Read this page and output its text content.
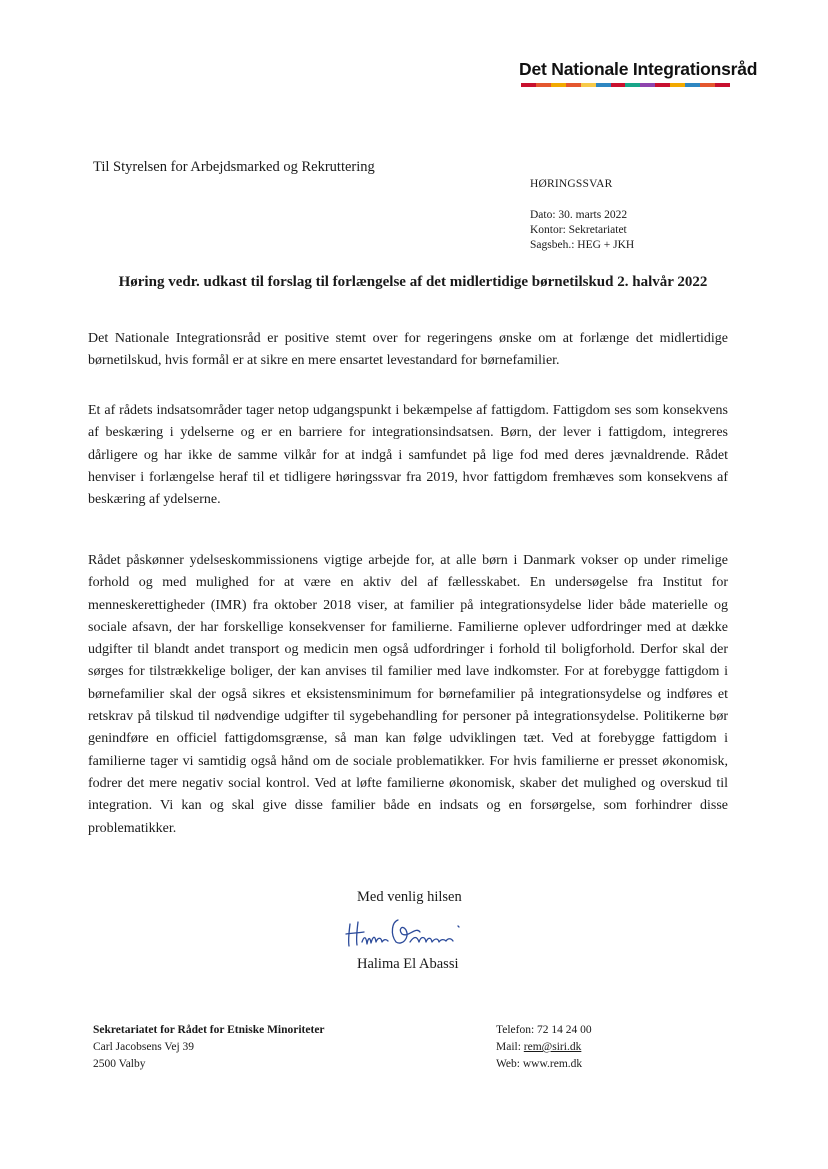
Det Nationale Integrationsråd
Til Styrelsen for Arbejdsmarked og Rekruttering
HØRINGSSVAR
Dato: 30. marts 2022
Kontor: Sekretariatet
Sagsbeh.: HEG + JKH
Høring vedr. udkast til forslag til forlængelse af det midlertidige børnetilskud 2. halvår 2022
Det Nationale Integrationsråd er positive stemt over for regeringens ønske om at forlænge det midlertidige børnetilskud, hvis formål er at sikre en mere ensartet levestandard for børnefamilier.
Et af rådets indsatsområder tager netop udgangspunkt i bekæmpelse af fattigdom. Fattigdom ses som konsekvens af beskæring i ydelserne og er en barriere for integrationsindsatsen. Børn, der lever i fattigdom, integreres dårligere og har ikke de samme vilkår for at indgå i samfundet på lige fod med deres jævnaldrende. Rådet henviser i forlængelse heraf til et tidligere høringssvar fra 2019, hvor fattigdom fremhæves som konsekvens af beskæring af ydelserne.
Rådet påskønner ydelseskommissionens vigtige arbejde for, at alle børn i Danmark vokser op under rimelige forhold og med mulighed for at være en aktiv del af fællesskabet. En undersøgelse fra Institut for menneskerettigheder (IMR) fra oktober 2018 viser, at familier på integrationsydelse lider både materielle og sociale afsavn, der har forskellige konsekvenser for familierne. Familierne oplever udfordringer med at dække udgifter til blandt andet transport og medicin men også udfordringer i forhold til boligforhold. Derfor skal der sørges for tilstrækkelige boliger, der kan anvises til familier med lave indkomster. For at forebygge fattigdom i børnefamilier skal der også sikres et eksistensminimum for børnefamilier på integrationsydelse og indføres et retskrav på tilskud til nødvendige udgifter til sygebehandling for personer på integrationsydelse. Politikerne bør genindføre en officiel fattigdomsgrænse, så man kan følge udviklingen tæt. Ved at forebygge fattigdom i familierne tager vi samtidig også hånd om de sociale problematikker. For hvis familierne er presset økonomisk, fodrer det mere negativ social kontrol. Ved at løfte familierne økonomisk, skaber det mulighed og overskud til integration. Vi kan og skal give disse familier både en indsats og en forsørgelse, som forhindrer disse problematikker.
Med venlig hilsen
Halima El Abassi
Sekretariatet for Rådet for Etniske Minoriteter
Carl Jacobsens Vej 39
2500 Valby
Telefon: 72 14 24 00
Mail: rem@siri.dk
Web: www.rem.dk
